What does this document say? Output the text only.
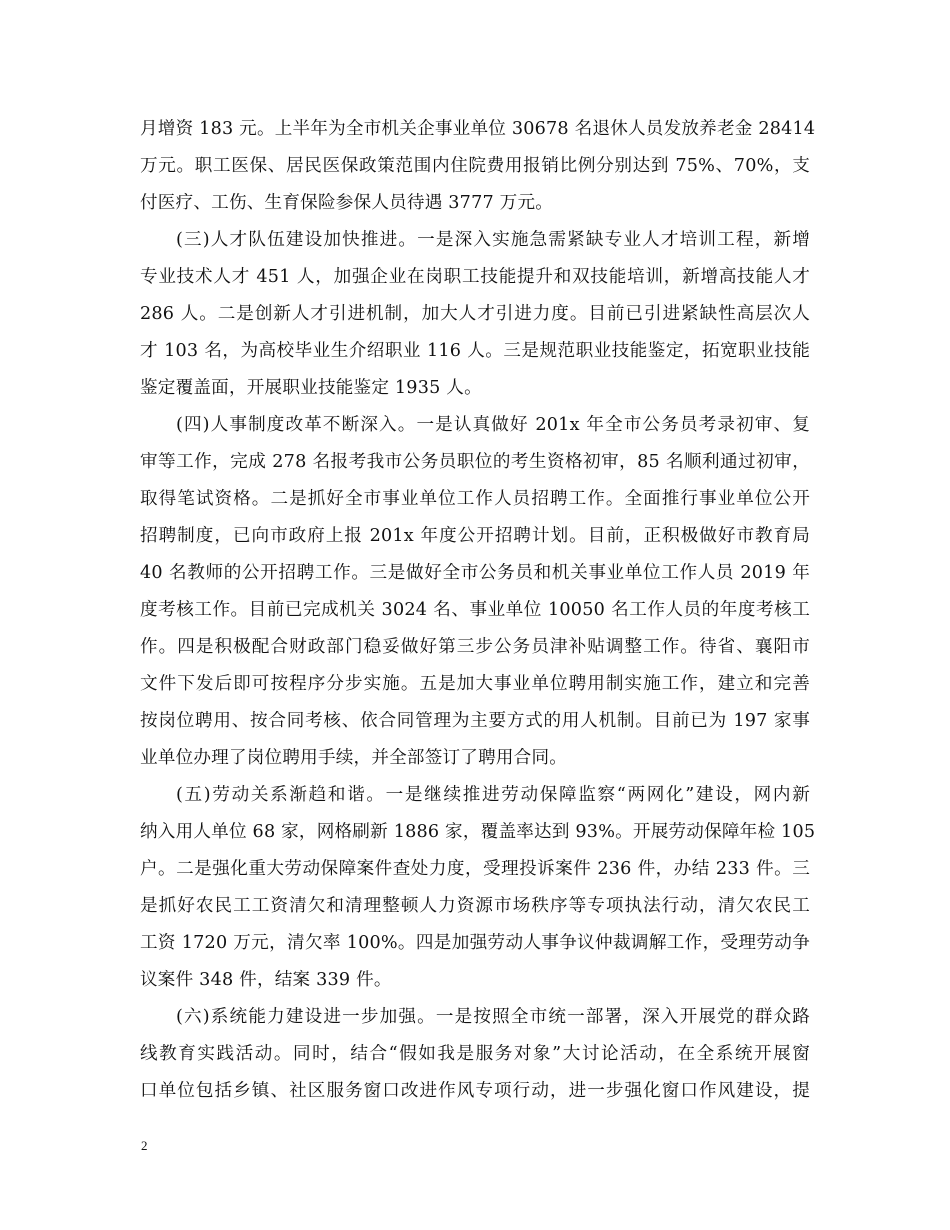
月增资 183 元。上半年为全市机关企事业单位 30678 名退休人员发放养老金 28414
万元。职工医保、居民医保政策范围内住院费用报销比例分别达到 75%、70%，支
付医疗、工伤、生育保险参保人员待遇 3777 万元。
(三)人才队伍建设加快推进。一是深入实施急需紧缺专业人才培训工程，新增
专业技术人才 451 人，加强企业在岗职工技能提升和双技能培训，新增高技能人才
286 人。二是创新人才引进机制，加大人才引进力度。目前已引进紧缺性高层次人
才 103 名，为高校毕业生介绍职业 116 人。三是规范职业技能鉴定，拓宽职业技能
鉴定覆盖面，开展职业技能鉴定 1935 人。
(四)人事制度改革不断深入。一是认真做好 201x 年全市公务员考录初审、复
审等工作，完成 278 名报考我市公务员职位的考生资格初审，85 名顺利通过初审，
取得笔试资格。二是抓好全市事业单位工作人员招聘工作。全面推行事业单位公开
招聘制度，已向市政府上报 201x 年度公开招聘计划。目前，正积极做好市教育局
40 名教师的公开招聘工作。三是做好全市公务员和机关事业单位工作人员 2019 年
度考核工作。目前已完成机关 3024 名、事业单位 10050 名工作人员的年度考核工
作。四是积极配合财政部门稳妥做好第三步公务员津补贴调整工作。待省、襄阳市
文件下发后即可按程序分步实施。五是加大事业单位聘用制实施工作，建立和完善
按岗位聘用、按合同考核、依合同管理为主要方式的用人机制。目前已为 197 家事
业单位办理了岗位聘用手续，并全部签订了聘用合同。
(五)劳动关系渐趋和谐。一是继续推进劳动保障监察“两网化”建设，网内新
纳入用人单位 68 家，网格刷新 1886 家，覆盖率达到 93%。开展劳动保障年检 105
户。二是强化重大劳动保障案件查处力度，受理投诉案件 236 件，办结 233 件。三
是抓好农民工工资清欠和清理整顿人力资源市场秩序等专项执法行动，清欠农民工
工资 1720 万元，清欠率 100%。四是加强劳动人事争议仲裁调解工作，受理劳动争
议案件 348 件，结案 339 件。
(六)系统能力建设进一步加强。一是按照全市统一部署，深入开展党的群众路
线教育实践活动。同时，结合“假如我是服务对象”大讨论活动，在全系统开展窗
口单位包括乡镇、社区服务窗口改进作风专项行动，进一步强化窗口作风建设，提
2
